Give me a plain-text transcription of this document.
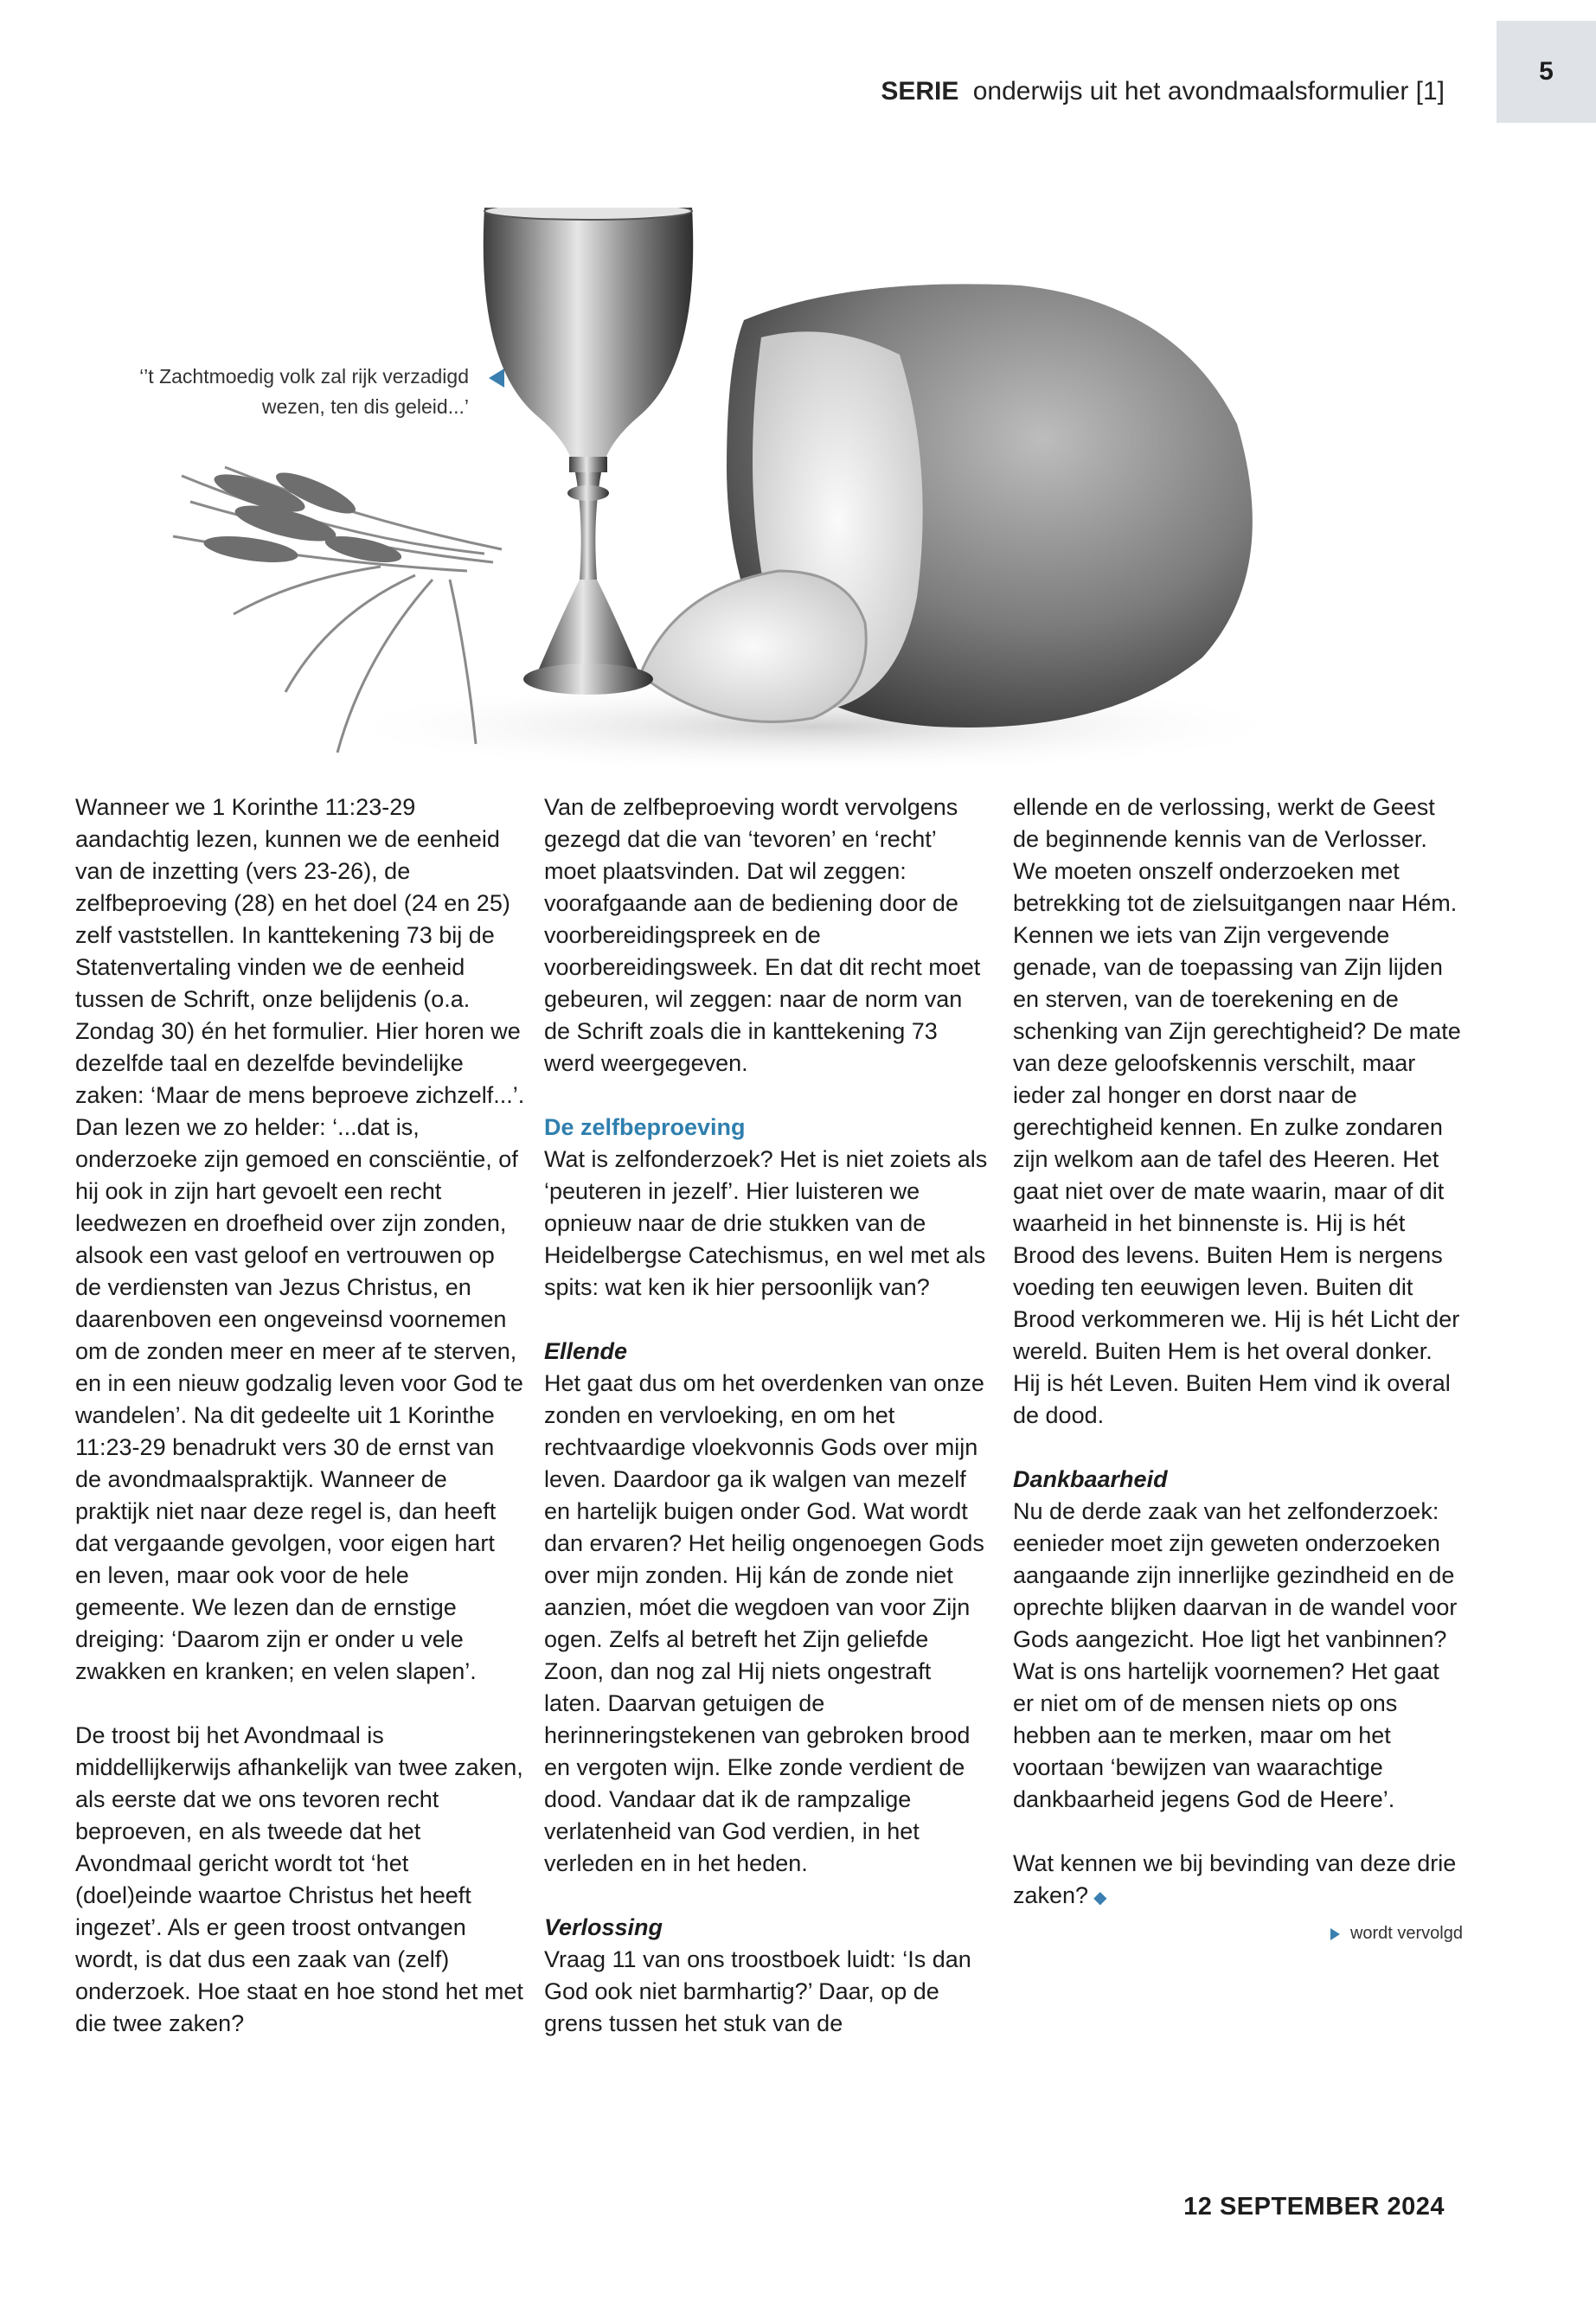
SERIE onderwijs uit het avondmaalsformulier [1]
5
‘’t Zachtmoedig volk zal rijk verzadigd
wezen, ten dis geleid...’

Wanneer we 1 Korinthe 11:23-29 aandachtig lezen, kunnen we de eenheid van de inzetting (vers 23-26), de zelfbeproeving (28) en het doel (24 en 25) zelf vaststellen. In kanttekening 73 bij de Statenvertaling vinden we de eenheid tussen de Schrift, onze belijdenis (o.a. Zondag 30) én het formulier. Hier horen we dezelfde taal en dezelfde bevindelijke zaken: ‘Maar de mens beproeve zichzelf...’. Dan lezen we zo helder: ‘...dat is, onderzoeke zijn gemoed en consciëntie, of hij ook in zijn hart gevoelt een recht leedwezen en droefheid over zijn zonden, alsook een vast geloof en vertrouwen op de verdiensten van Jezus Christus, en daarenboven een ongeveinsd voornemen om de zonden meer en meer af te sterven, en in een nieuw godzalig leven voor God te wandelen’. Na dit gedeelte uit 1 Korinthe 11:23-29 benadrukt vers 30 de ernst van de avondmaalspraktijk. Wanneer de praktijk niet naar deze regel is, dan heeft dat vergaande gevolgen, voor eigen hart en leven, maar ook voor de hele gemeente. We lezen dan de ernstige dreiging: ‘Daarom zijn er onder u vele zwakken en kranken; en velen slapen’.

De troost bij het Avondmaal is middellijkerwijs afhankelijk van twee zaken, als eerste dat we ons tevoren recht beproeven, en als tweede dat het Avondmaal gericht wordt tot ‘het (doel)einde waartoe Christus het heeft ingezet’. Als er geen troost ontvangen wordt, is dat dus een zaak van (zelf) onderzoek. Hoe staat en hoe stond het met die twee zaken?

Van de zelfbeproeving wordt vervolgens gezegd dat die van ‘tevoren’ en ‘recht’ moet plaatsvinden. Dat wil zeggen: voorafgaande aan de bediening door de voorbereidingspreek en de voorbereidingsweek. En dat dit recht moet gebeuren, wil zeggen: naar de norm van de Schrift zoals die in kanttekening 73 werd weergegeven.

De zelfbeproeving

Wat is zelfonderzoek? Het is niet zoiets als ‘peuteren in jezelf’. Hier luisteren we opnieuw naar de drie stukken van de Heidelbergse Catechismus, en wel met als spits: wat ken ik hier persoonlijk van?

Ellende

Het gaat dus om het overdenken van onze zonden en vervloeking, en om het rechtvaardige vloekvonnis Gods over mijn leven. Daardoor ga ik walgen van mezelf en hartelijk buigen onder God. Wat wordt dan ervaren? Het heilig ongenoegen Gods over mijn zonden. Hij kán de zonde niet aanzien, móet die wegdoen van voor Zijn ogen. Zelfs al betreft het Zijn geliefde Zoon, dan nog zal Hij niets ongestraft laten. Daarvan getuigen de herinneringstekenen van gebroken brood en vergoten wijn. Elke zonde verdient de dood. Vandaar dat ik de rampzalige verlatenheid van God verdien, in het verleden en in het heden.

Verlossing

Vraag 11 van ons troostboek luidt: ‘Is dan God ook niet barmhartig?’ Daar, op de grens tussen het stuk van de

ellende en de verlossing, werkt de Geest de beginnende kennis van de Verlosser. We moeten onszelf onderzoeken met betrekking tot de zielsuitgangen naar Hém. Kennen we iets van Zijn vergevende genade, van de toepassing van Zijn lijden en sterven, van de toerekening en de schenking van Zijn gerechtigheid? De mate van deze geloofskennis verschilt, maar ieder zal honger en dorst naar de gerechtigheid kennen. En zulke zondaren zijn welkom aan de tafel des Heeren. Het gaat niet over de mate waarin, maar of dit waarheid in het binnenste is. Hij is hét Brood des levens. Buiten Hem is nergens voeding ten eeuwigen leven. Buiten dit Brood verkommeren we. Hij is hét Licht der wereld. Buiten Hem is het overal donker. Hij is hét Leven. Buiten Hem vind ik overal de dood.

Dankbaarheid

Nu de derde zaak van het zelfonderzoek: eenieder moet zijn geweten onderzoeken aangaande zijn innerlijke gezindheid en de oprechte blijken daarvan in de wandel voor Gods aangezicht. Hoe ligt het vanbinnen? Wat is ons hartelijk voornemen? Het gaat er niet om of de mensen niets op ons hebben aan te merken, maar om het voortaan ‘bewijzen van waarachtige dankbaarheid jegens God de Heere’.

Wat kennen we bij bevinding van deze drie zaken? ◆

wordt vervolgd
12 SEPTEMBER 2024
